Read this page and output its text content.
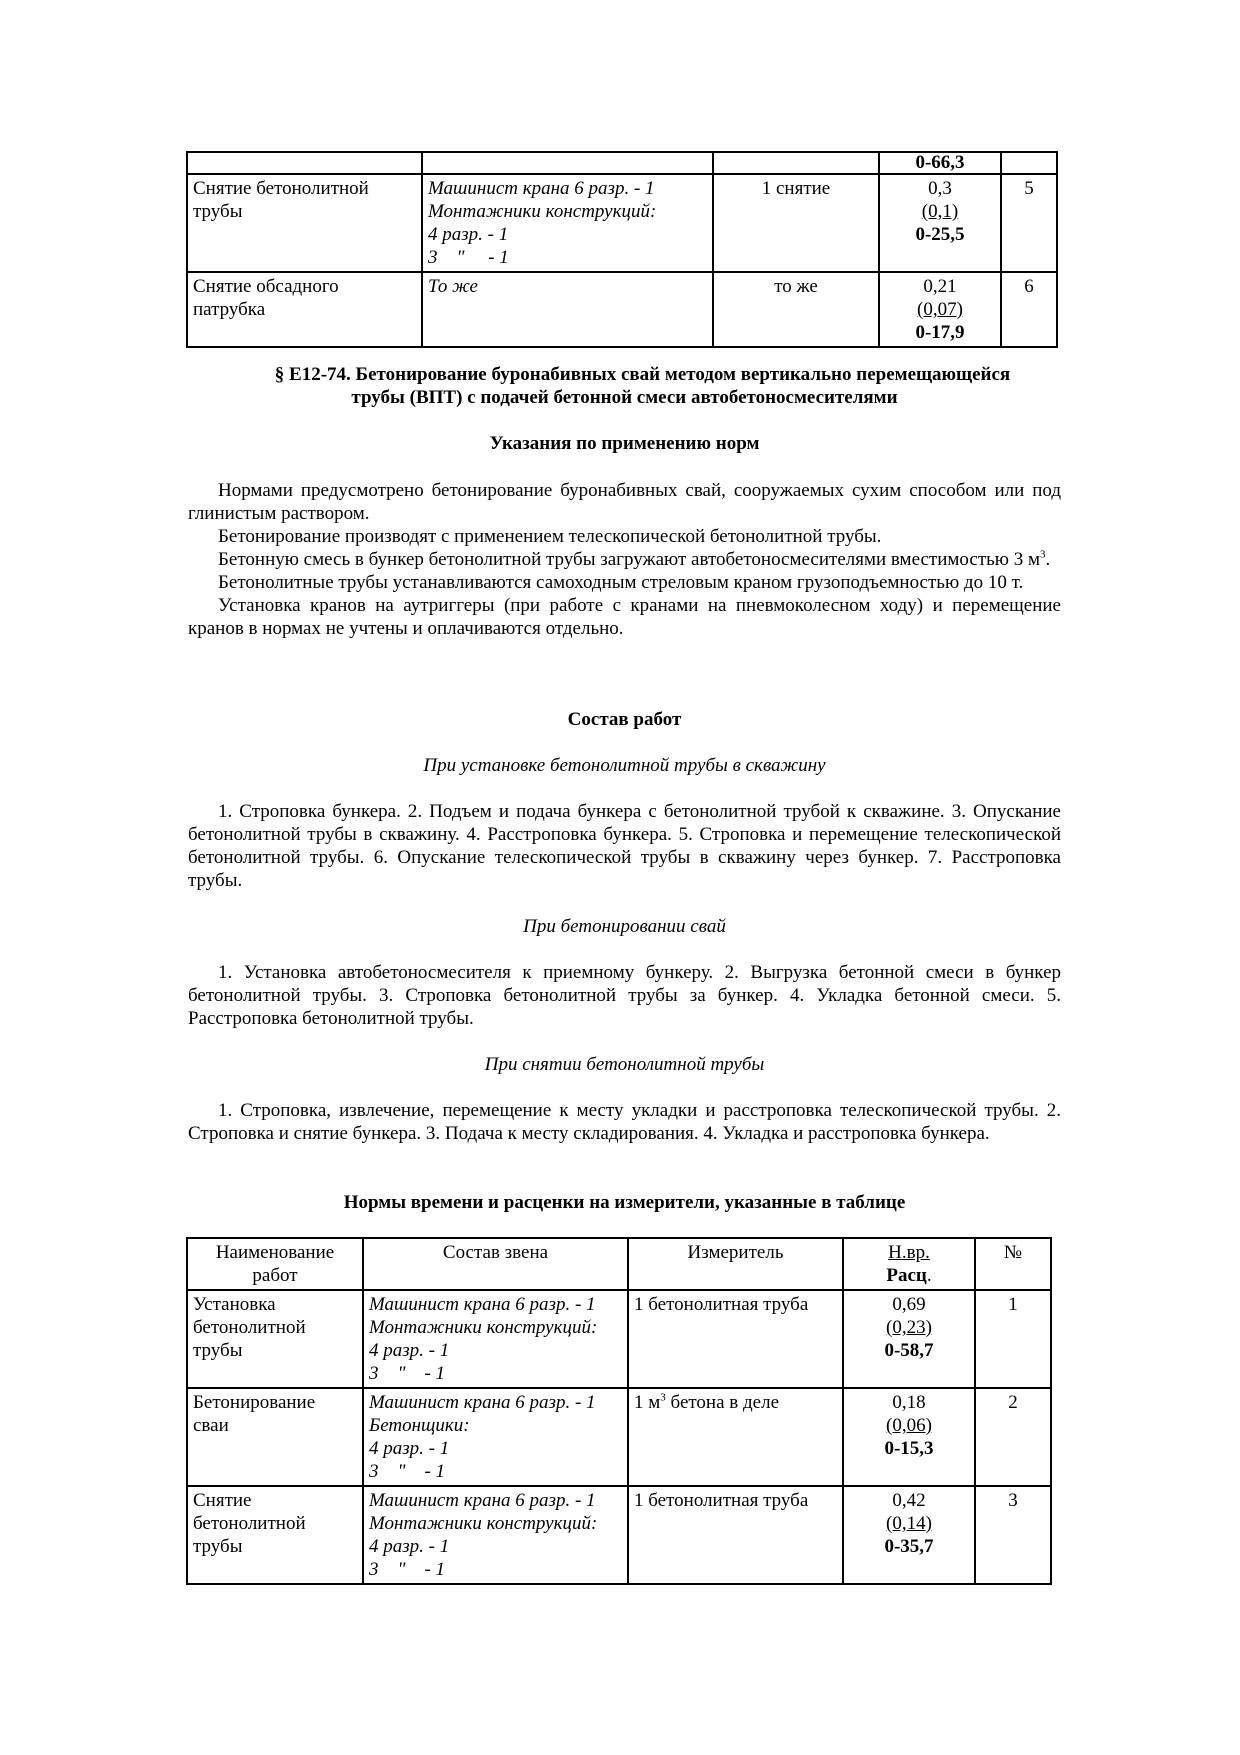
			0-66,3	

Снятие бетонолитной
трубы	Машинист крана 6 разр. - 1
Монтажники конструкций:
4 разр. - 1
3    "     - 1	1 снятие	0,3
(0,1)
0-25,5	5

Снятие обсадного
патрубка	То же	то же	0,21
(0,07)
0-17,9	6
§ Е12-74. Бетонирование буронабивных свай методом вертикально перемещающейся
трубы (ВПТ) с подачей бетонной смеси автобетоносмесителями
Указания по применению норм

Нормами предусмотрено бетонирование буронабивных свай, сооружаемых сухим способом или под глинистым раствором.

Бетонирование производят с применением телескопической бетонолитной трубы.

Бетонную смесь в бункер бетонолитной трубы загружают автобетоносмесителями вместимостью 3 $м^3$.

Бетонолитные трубы устанавливаются самоходным стреловым краном грузоподъемностью до 10 т.

Установка кранов на аутриггеры (при работе с кранами на пневмоколесном ходу) и перемещение кранов в нормах не учтены и оплачиваются отдельно.

Состав работ
При установке бетонолитной трубы в скважину

1. Строповка бункера. 2. Подъем и подача бункера с бетонолитной трубой к скважине. 3. Опускание бетонолитной трубы в скважину. 4. Расстроповка бункера. 5. Строповка и перемещение телескопической бетонолитной трубы. 6. Опускание телескопической трубы в скважину через бункер. 7. Расстроповка трубы.

При бетонировании свай

1. Установка автобетоносмесителя к приемному бункеру. 2. Выгрузка бетонной смеси в бункер бетонолитной трубы. 3. Строповка бетонолитной трубы за бункер. 4. Укладка бетонной смеси. 5. Расстроповка бетонолитной трубы.

При снятии бетонолитной трубы

1. Строповка, извлечение, перемещение к месту укладки и расстроповка телескопической трубы. 2. Строповка и снятие бункера. 3. Подача к месту складирования. 4. Укладка и расстроповка бункера.

Нормы времени и расценки на измерители, указанные в таблице
Наименование
работ	Состав звена	Измеритель	Н.вр.
Расц.	№

Установка
бетонолитной
трубы	Машинист крана 6 разр. - 1
Монтажники конструкций:
4 разр. - 1
3    "    - 1	1 бетонолитная труба	0,69
(0,23)
0-58,7	1

Бетонирование
сваи	Машинист крана 6 разр. - 1
Бетонщики:
4 разр. - 1
3    "    - 1	1 $м^3$ бетона в деле	0,18
(0,06)
0-15,3	2

Снятие
бетонолитной
трубы	Машинист крана 6 разр. - 1
Монтажники конструкций:
4 разр. - 1
3    "    - 1	1 бетонолитная труба	0,42
(0,14)
0-35,7	3
